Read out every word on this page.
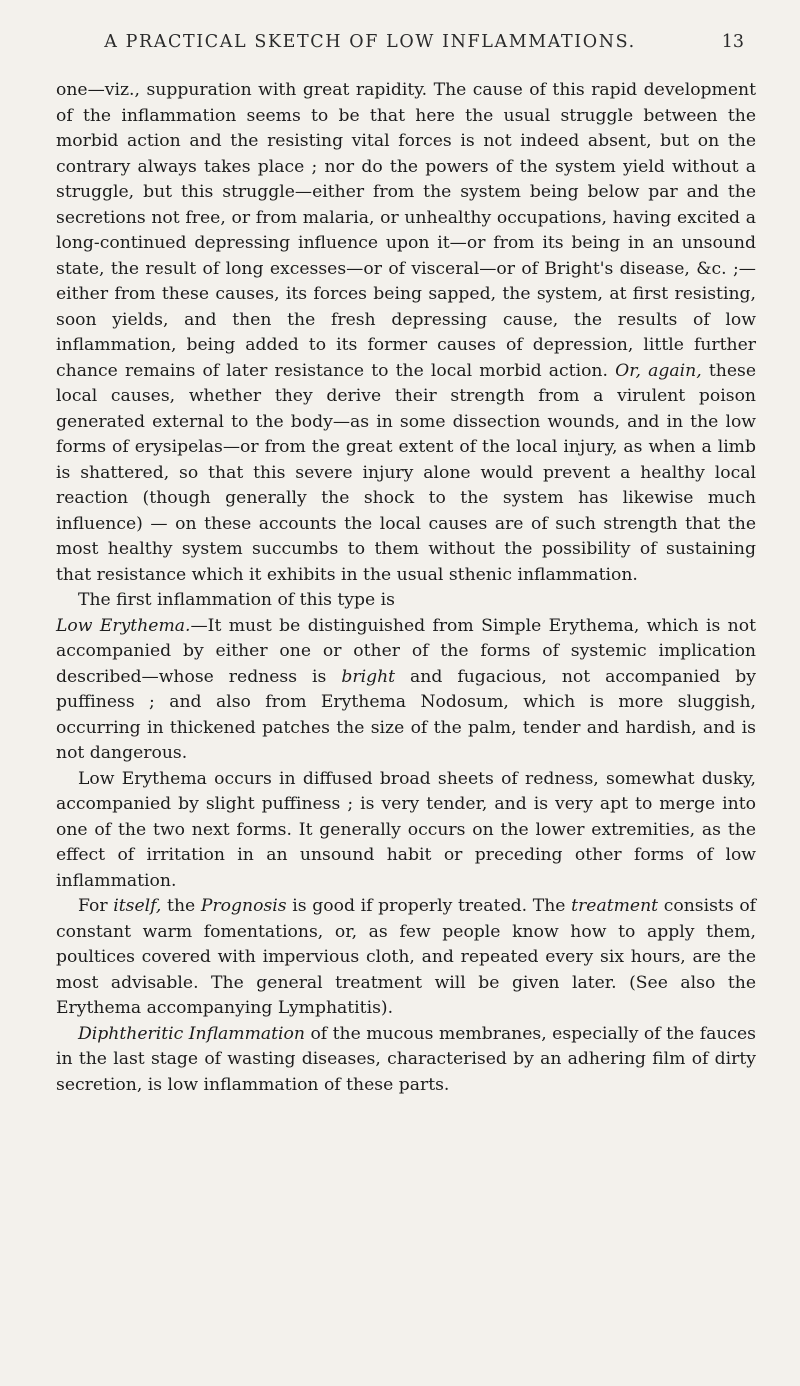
A PRACTICAL SKETCH OF LOW INFLAMMATIONS.	13

one—viz., suppuration with great rapidity. The cause of this rapid development of the inflammation seems to be that here the usual struggle between the morbid action and the resisting vital forces is not indeed absent, but on the contrary always takes place ; nor do the powers of the system yield without a struggle, but this struggle—either from the system being below par and the secretions not free, or from malaria, or unhealthy occupations, having excited a long-continued depressing influence upon it—or from its being in an unsound state, the result of long excesses—or of visceral—or of Bright's disease, &c. ;—either from these causes, its forces being sapped, the system, at first resisting, soon yields, and then the fresh depressing cause, the results of low inflammation, being added to its former causes of depression, little further chance remains of later resistance to the local morbid action. Or, again, these local causes, whether they derive their strength from a virulent poison generated external to the body—as in some dissection wounds, and in the low forms of erysipelas—or from the great extent of the local injury, as when a limb is shattered, so that this severe injury alone would prevent a healthy local reaction (though generally the shock to the system has likewise much influence) — on these accounts the local causes are of such strength that the most healthy system succumbs to them without the possibility of sustaining that resistance which it exhibits in the usual sthenic inflammation.

The first inflammation of this type is

Low Erythema.—It must be distinguished from Simple Erythema, which is not accompanied by either one or other of the forms of systemic implication described—whose redness is bright and fugacious, not accompanied by puffiness ; and also from Erythema Nodosum, which is more sluggish, occurring in thickened patches the size of the palm, tender and hardish, and is not dangerous.

Low Erythema occurs in diffused broad sheets of redness, somewhat dusky, accompanied by slight puffiness ; is very tender, and is very apt to merge into one of the two next forms. It generally occurs on the lower extremities, as the effect of irritation in an unsound habit or preceding other forms of low inflammation.

For itself, the Prognosis is good if properly treated. The treatment consists of constant warm fomentations, or, as few people know how to apply them, poultices covered with impervious cloth, and repeated every six hours, are the most advisable. The general treatment will be given later. (See also the Erythema accompanying Lymphatitis).

Diphtheritic Inflammation of the mucous membranes, especially of the fauces in the last stage of wasting diseases, characterised by an adhering film of dirty secretion, is low inflammation of these parts.
